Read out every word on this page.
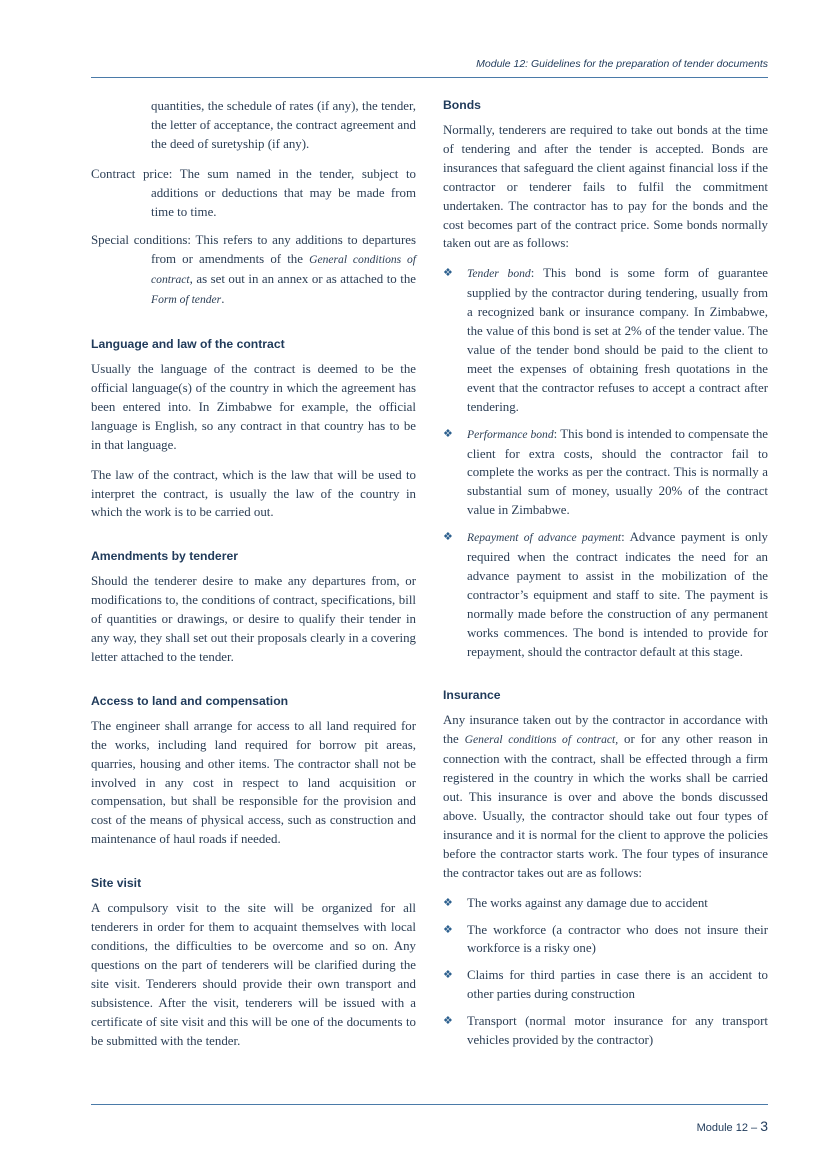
Module 12: Guidelines for the preparation of tender documents

quantities, the schedule of rates (if any), the tender, the letter of acceptance, the contract agreement and the deed of suretyship (if any).

Contract price: The sum named in the tender, subject to additions or deductions that may be made from time to time.

Special conditions: This refers to any additions to departures from or amendments of the General conditions of contract, as set out in an annex or as attached to the Form of tender.

Language and law of the contract

Usually the language of the contract is deemed to be the official language(s) of the country in which the agreement has been entered into. In Zimbabwe for example, the official language is English, so any contract in that country has to be in that language.

The law of the contract, which is the law that will be used to interpret the contract, is usually the law of the country in which the work is to be carried out.

Amendments by tenderer

Should the tenderer desire to make any departures from, or modifications to, the conditions of contract, specifications, bill of quantities or drawings, or desire to qualify their tender in any way, they shall set out their proposals clearly in a covering letter attached to the tender.

Access to land and compensation

The engineer shall arrange for access to all land required for the works, including land required for borrow pit areas, quarries, housing and other items. The contractor shall not be involved in any cost in respect to land acquisition or compensation, but shall be responsible for the provision and cost of the means of physical access, such as construction and maintenance of haul roads if needed.

Site visit

A compulsory visit to the site will be organized for all tenderers in order for them to acquaint themselves with local conditions, the difficulties to be overcome and so on. Any questions on the part of tenderers will be clarified during the site visit. Tenderers should provide their own transport and subsistence. After the visit, tenderers will be issued with a certificate of site visit and this will be one of the documents to be submitted with the tender.

Bonds

Normally, tenderers are required to take out bonds at the time of tendering and after the tender is accepted. Bonds are insurances that safeguard the client against financial loss if the contractor or tenderer fails to fulfil the commitment undertaken. The contractor has to pay for the bonds and the cost becomes part of the contract price. Some bonds normally taken out are as follows:

❖ Tender bond: This bond is some form of guarantee supplied by the contractor during tendering, usually from a recognized bank or insurance company. In Zimbabwe, the value of this bond is set at 2% of the tender value. The value of the tender bond should be paid to the client to meet the expenses of obtaining fresh quotations in the event that the contractor refuses to accept a contract after tendering.
❖ Performance bond: This bond is intended to compensate the client for extra costs, should the contractor fail to complete the works as per the contract. This is normally a substantial sum of money, usually 20% of the contract value in Zimbabwe.
❖ Repayment of advance payment: Advance payment is only required when the contract indicates the need for an advance payment to assist in the mobilization of the contractor’s equipment and staff to site. The payment is normally made before the construction of any permanent works commences. The bond is intended to provide for repayment, should the contractor default at this stage.
Insurance

Any insurance taken out by the contractor in accordance with the General conditions of contract, or for any other reason in connection with the contract, shall be effected through a firm registered in the country in which the works shall be carried out. This insurance is over and above the bonds discussed above. Usually, the contractor should take out four types of insurance and it is normal for the client to approve the policies before the contractor starts work. The four types of insurance the contractor takes out are as follows:

❖ The works against any damage due to accident
❖ The workforce (a contractor who does not insure their workforce is a risky one)
❖ Claims for third parties in case there is an accident to other parties during construction
❖ Transport (normal motor insurance for any transport vehicles provided by the contractor)
Module 12 – 3
